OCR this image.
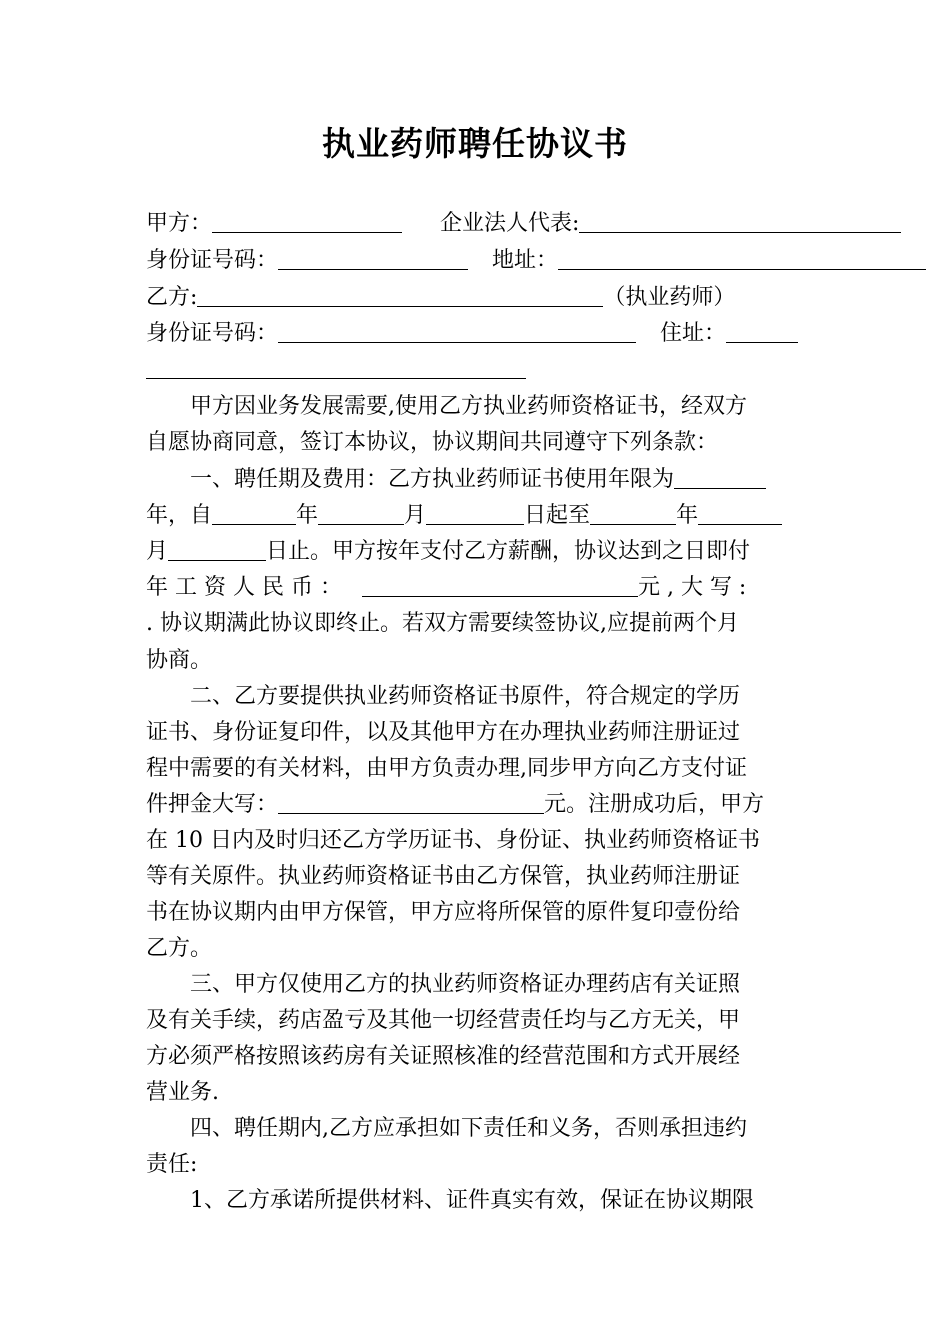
执业药师聘任协议书
甲方：	企业法人代表:
身份证号码：	地址：
乙方:	（执业药师）
身份证号码：	住址：
甲方因业务发展需要,使用乙方执业药师资格证书，经双方
自愿协商同意，签订本协议，协议期间共同遵守下列条款：
一、聘任期及费用：乙方执业药师证书使用年限为
年，自	年	月	日起至	年
月	日止。甲方按年支付乙方薪酬，协议达到之日即付
年 工 资 人 民 币 ：	元 , 大 写 :
. 协议期满此协议即终止。若双方需要续签协议,应提前两个月
协商。
二、乙方要提供执业药师资格证书原件，符合规定的学历
证书、身份证复印件，以及其他甲方在办理执业药师注册证过
程中需要的有关材料，由甲方负责办理,同步甲方向乙方支付证
件押金大写：	元。注册成功后，甲方
在 10 日内及时归还乙方学历证书、身份证、执业药师资格证书
等有关原件。执业药师资格证书由乙方保管，执业药师注册证
书在协议期内由甲方保管，甲方应将所保管的原件复印壹份给
乙方。
三、甲方仅使用乙方的执业药师资格证办理药店有关证照
及有关手续，药店盈亏及其他一切经营责任均与乙方无关，甲
方必须严格按照该药房有关证照核准的经营范围和方式开展经
营业务.
四、聘任期内,乙方应承担如下责任和义务，否则承担违约
责任:
1、乙方承诺所提供材料、证件真实有效，保证在协议期限
